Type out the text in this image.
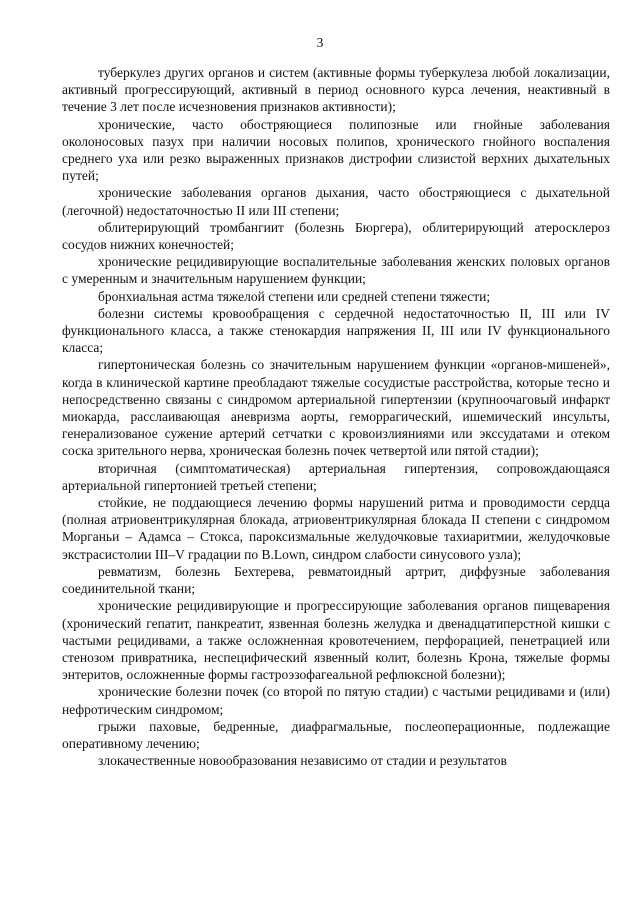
3

туберкулез других органов и систем (активные формы туберкулеза любой локализации, активный прогрессирующий, активный в период основного курса лечения, неактивный в течение 3 лет после исчезновения признаков активности);

хронические, часто обостряющиеся полипозные или гнойные заболевания околоносовых пазух при наличии носовых полипов, хронического гнойного воспаления среднего уха или резко выраженных признаков дистрофии слизистой верхних дыхательных путей;

хронические заболевания органов дыхания, часто обостряющиеся с дыхательной (легочной) недостаточностью II или III степени;

облитерирующий тромбангиит (болезнь Бюргера), облитерирующий атеросклероз сосудов нижних конечностей;

хронические рецидивирующие воспалительные заболевания женских половых органов с умеренным и значительным нарушением функции;

бронхиальная астма тяжелой степени или средней степени тяжести;

болезни системы кровообращения с сердечной недостаточностью II, III или IV функционального класса, а также стенокардия напряжения II, III или IV функционального класса;

гипертоническая болезнь со значительным нарушением функции «органов-мишеней», когда в клинической картине преобладают тяжелые сосудистые расстройства, которые тесно и непосредственно связаны с синдромом артериальной гипертензии (крупноочаговый инфаркт миокарда, расслаивающая аневризма аорты, геморрагический, ишемический инсульты, генерализованое сужение артерий сетчатки с кровоизлияниями или экссудатами и отеком соска зрительного нерва, хроническая болезнь почек четвертой или пятой стадии);

вторичная (симптоматическая) артериальная гипертензия, сопровождающаяся артериальной гипертонией третьей степени;

стойкие, не поддающиеся лечению формы нарушений ритма и проводимости сердца (полная атриовентрикулярная блокада, атриовентрикулярная блокада II степени с синдромом Морганьи – Адамса – Стокса, пароксизмальные желудочковые тахиаритмии, желудочковые экстрасистолии III–V градации по B.Lown, синдром слабости синусового узла);

ревматизм, болезнь Бехтерева, ревматоидный артрит, диффузные заболевания соединительной ткани;

хронические рецидивирующие и прогрессирующие заболевания органов пищеварения (хронический гепатит, панкреатит, язвенная болезнь желудка и двенадцатиперстной кишки с частыми рецидивами, а также осложненная кровотечением, перфорацией, пенетрацией или стенозом привратника, неспецифический язвенный колит, болезнь Крона, тяжелые формы энтеритов, осложненные формы гастроэзофагеальной рефлюксной болезни);

хронические болезни почек (со второй по пятую стадии) с частыми рецидивами и (или) нефротическим синдромом;

грыжи паховые, бедренные, диафрагмальные, послеоперационные, подлежащие оперативному лечению;

злокачественные новообразования независимо от стадии и результатов
